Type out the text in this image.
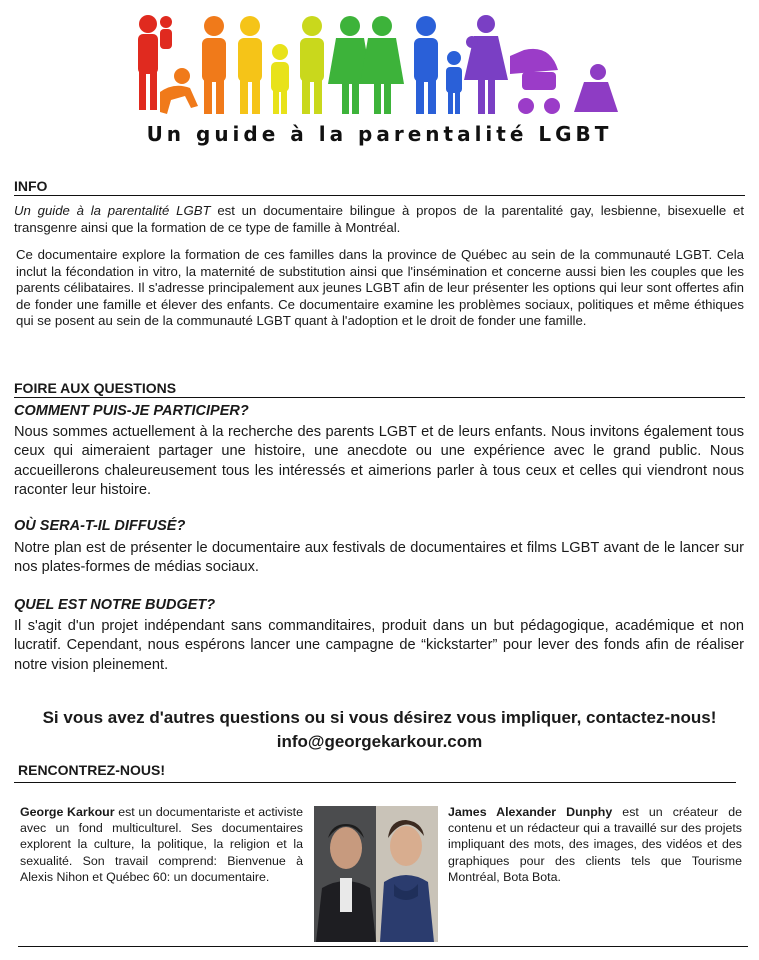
Un guide à la parentalité LGBT
INFO
Un guide à la parentalité LGBT est un documentaire bilingue à propos de la parentalité gay, lesbienne, bisexuelle et transgenre ainsi que la formation de ce type de famille à Montréal.
Ce documentaire explore la formation de ces familles dans la province de Québec au sein de la communauté LGBT. Cela inclut la fécondation in vitro, la maternité de substitution ainsi que l'insémination et concerne aussi bien les couples que les parents célibataires. Il s'adresse principalement aux jeunes LGBT afin de leur présenter les options qui leur sont offertes afin de fonder une famille et élever des enfants. Ce documentaire examine les problèmes sociaux, politiques et même éthiques qui se posent au sein de la communauté LGBT quant à l'adoption et le droit de fonder une famille.
FOIRE AUX QUESTIONS
COMMENT PUIS-JE PARTICIPER?
Nous sommes actuellement à la recherche des parents LGBT et de leurs enfants. Nous invitons également tous ceux qui aimeraient partager une histoire, une anecdote ou une expérience avec le grand public. Nous accueillerons chaleureusement tous les intéressés et aimerions parler à tous ceux et celles qui viendront nous raconter leur histoire.
OÙ SERA-T-IL DIFFUSÉ?
Notre plan est de présenter le documentaire aux festivals de documentaires et films LGBT avant de le lancer sur nos plates-formes de médias sociaux.
QUEL EST NOTRE BUDGET?
Il s'agit d'un projet indépendant sans commanditaires, produit dans un but pédagogique, académique et non lucratif. Cependant, nous espérons lancer une campagne de “kickstarter” pour lever des fonds afin de réaliser notre vision pleinement.
Si vous avez d'autres questions ou si vous désirez vous impliquer, contactez-nous!
info@georgekarkour.com
RENCONTREZ-NOUS!
George Karkour est un documentariste et activiste avec un fond multiculturel. Ses documentaires explorent la culture, la politique, la religion et la sexualité. Son travail comprend: Bienvenue à Alexis Nihon et Québec 60: un documentaire.
James Alexander Dunphy est un créateur de contenu et un rédacteur qui a travaillé sur des projets impliquant des mots, des images, des vidéos et des graphiques pour des clients tels que Tourisme Montréal, Bota Bota.
